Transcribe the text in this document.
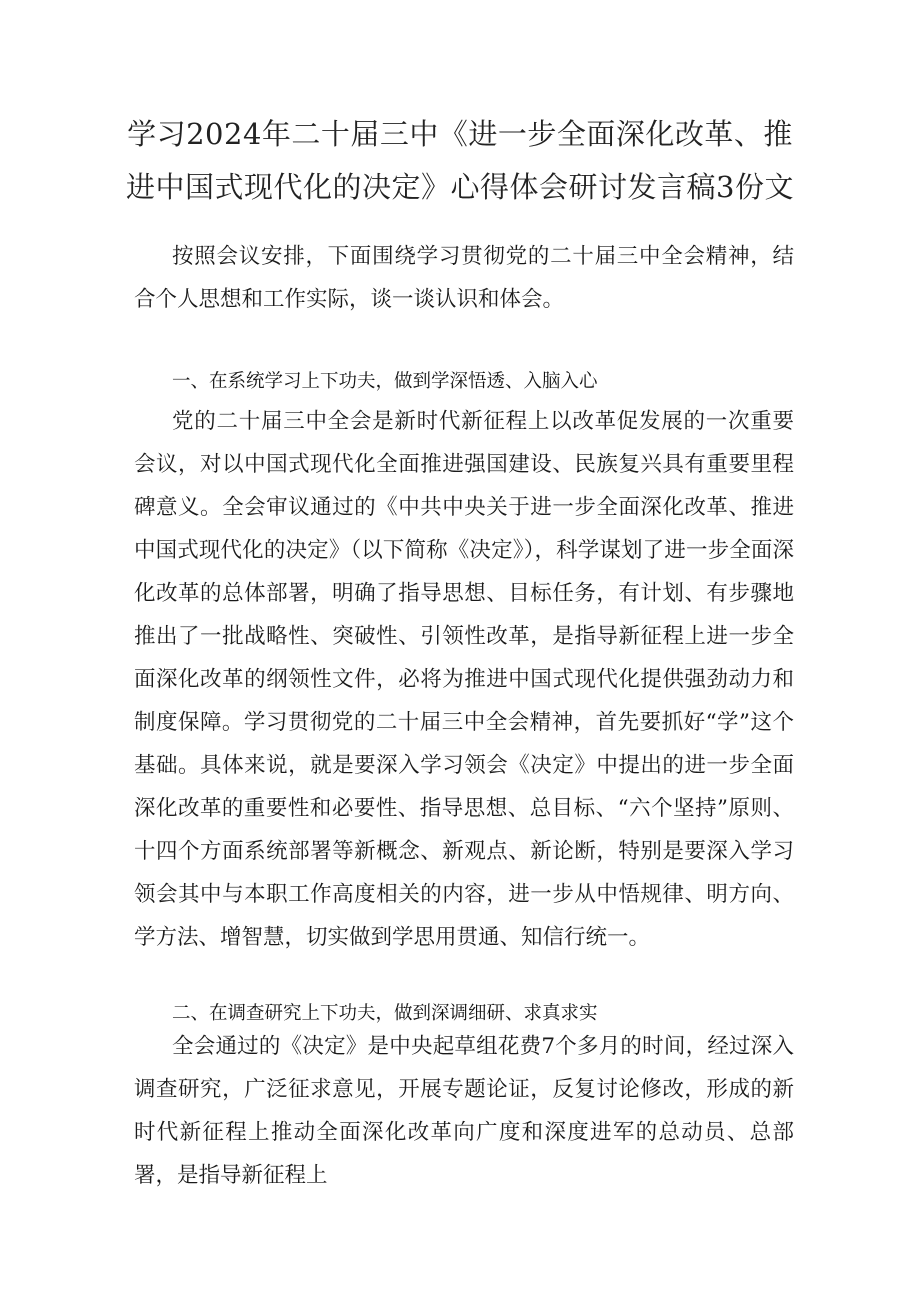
学习2024年二十届三中《进一步全面深化改革、推
进中国式现代化的决定》心得体会研讨发言稿3份文

按照会议安排，下面围绕学习贯彻党的二十届三中全会精神，结合个人思想和工作实际，谈一谈认识和体会。

一、在系统学习上下功夫，做到学深悟透、入脑入心

党的二十届三中全会是新时代新征程上以改革促发展的一次重要会议，对以中国式现代化全面推进强国建设、民族复兴具有重要里程碑意义。全会审议通过的《中共中央关于进一步全面深化改革、推进中国式现代化的决定》（以下简称《决定》），科学谋划了进一步全面深化改革的总体部署，明确了指导思想、目标任务，有计划、有步骤地推出了一批战略性、突破性、引领性改革，是指导新征程上进一步全面深化改革的纲领性文件，必将为推进中国式现代化提供强劲动力和制度保障。学习贯彻党的二十届三中全会精神，首先要抓好“学”这个基础。具体来说，就是要深入学习领会《决定》中提出的进一步全面深化改革的重要性和必要性、指导思想、总目标、“六个坚持”原则、十四个方面系统部署等新概念、新观点、新论断，特别是要深入学习领会其中与本职工作高度相关的内容，进一步从中悟规律、明方向、学方法、增智慧，切实做到学思用贯通、知信行统一。

二、在调查研究上下功夫，做到深调细研、求真求实

全会通过的《决定》是中央起草组花费7个多月的时间，经过深入调查研究，广泛征求意见，开展专题论证，反复讨论修改，形成的新时代新征程上推动全面深化改革向广度和深度进军的总动员、总部署，是指导新征程上
